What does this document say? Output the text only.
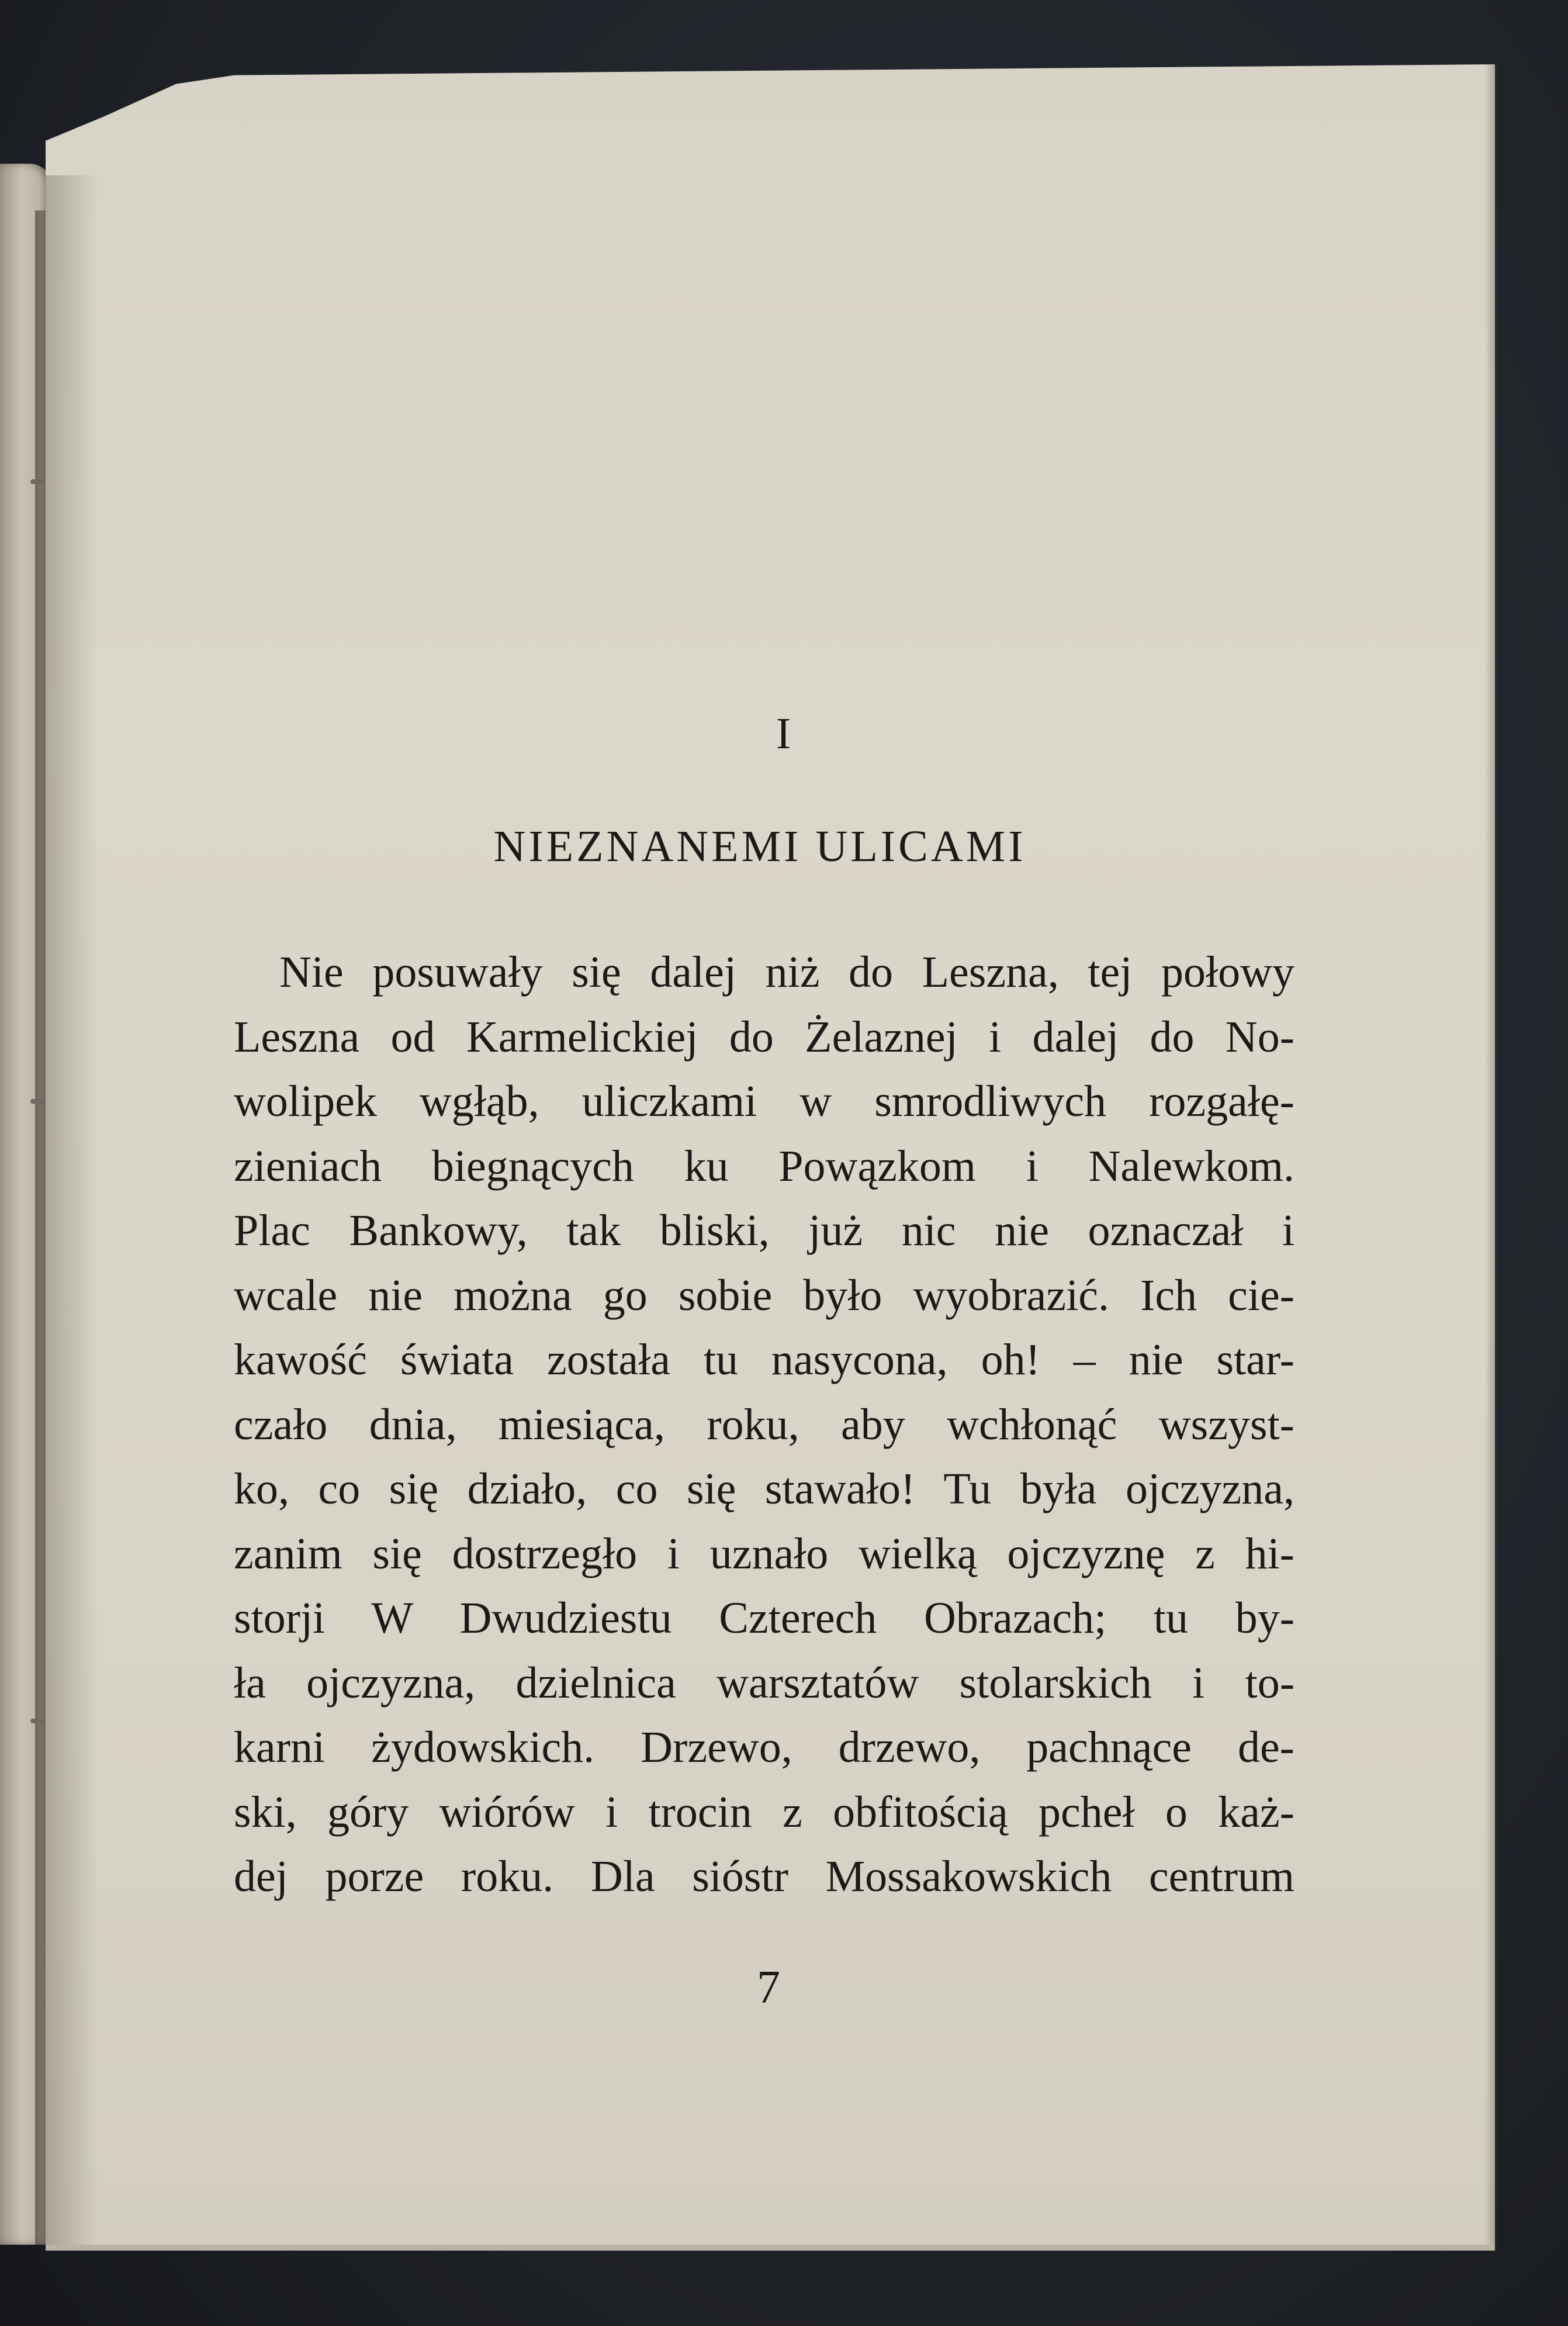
I
NIEZNANEMI ULICAMI
Nie posuwały się dalej niż do Leszna, tej połowy
Leszna od Karmelickiej do Żelaznej i dalej do No-
wolipek wgłąb, uliczkami w smrodliwych rozgałę-
zieniach biegnących ku Powązkom i Nalewkom.
Plac Bankowy, tak bliski, już nic nie oznaczał i
wcale nie można go sobie było wyobrazić. Ich cie-
kawość świata została tu nasycona, oh! – nie star-
czało dnia, miesiąca, roku, aby wchłonąć wszyst-
ko, co się działo, co się stawało! Tu była ojczyzna,
zanim się dostrzegło i uznało wielką ojczyznę z hi-
storji W Dwudziestu Czterech Obrazach; tu by-
ła ojczyzna, dzielnica warsztatów stolarskich i to-
karni żydowskich. Drzewo, drzewo, pachnące de-
ski, góry wiórów i trocin z obfitością pcheł o każ-
dej porze roku. Dla sióstr Mossakowskich centrum
7
